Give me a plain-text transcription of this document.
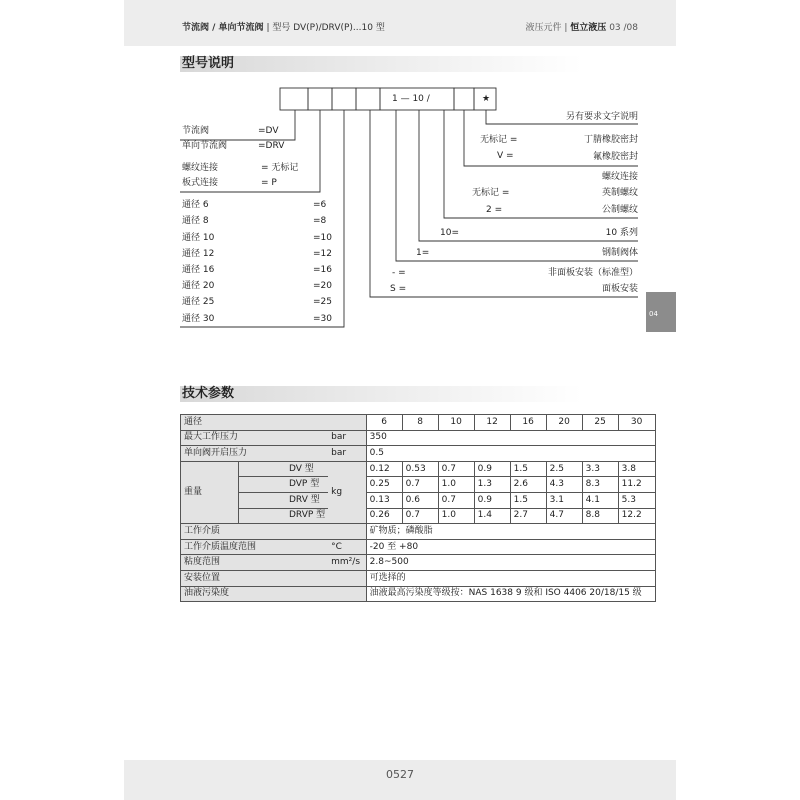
节流阀 / 单向节流阀 | 型号 DV(P)/DRV(P)...10 型	液压元件 | 恒立液压 03 /08
型号说明
技术参数
04
1 — 10 /	★
节流阀	=DV
单向节流阀	=DRV
螺纹连接	= 无标记
板式连接	= P
通径 6	=6
通径 8	=8
通径 10	=10
通径 12	=12
通径 16	=16
通径 20	=20
通径 25	=25
通径 30	=30
另有要求文字说明
无标记 =	丁腈橡胶密封
V =	氟橡胶密封
螺纹连接
无标记 =	英制螺纹
2 =	公制螺纹
10=	10 系列
1=	钢制阀体
- =	非面板安装（标准型）
S =	面板安装
通径			6	8	10	12	16	20	25	30
最大工作压力		bar	350							
单向阀开启压力		bar	0.5							
重量	DV 型	kg	0.12	0.53	0.7	0.9	1.5	2.5	3.3	3.8
	DVP 型		0.25	0.7	1.0	1.3	2.6	4.3	8.3	11.2
	DRV 型		0.13	0.6	0.7	0.9	1.5	3.1	4.1	5.3
	DRVP 型		0.26	0.7	1.0	1.4	2.7	4.7	8.8	12.2
工作介质			矿物质；磷酸脂							
工作介质温度范围		°C	-20 至 +80							
粘度范围		mm²/s	2.8~500							
安装位置			可选择的							
油液污染度			油液最高污染度等级按：NAS 1638 9 级和 ISO 4406 20/18/15 级							
0527
